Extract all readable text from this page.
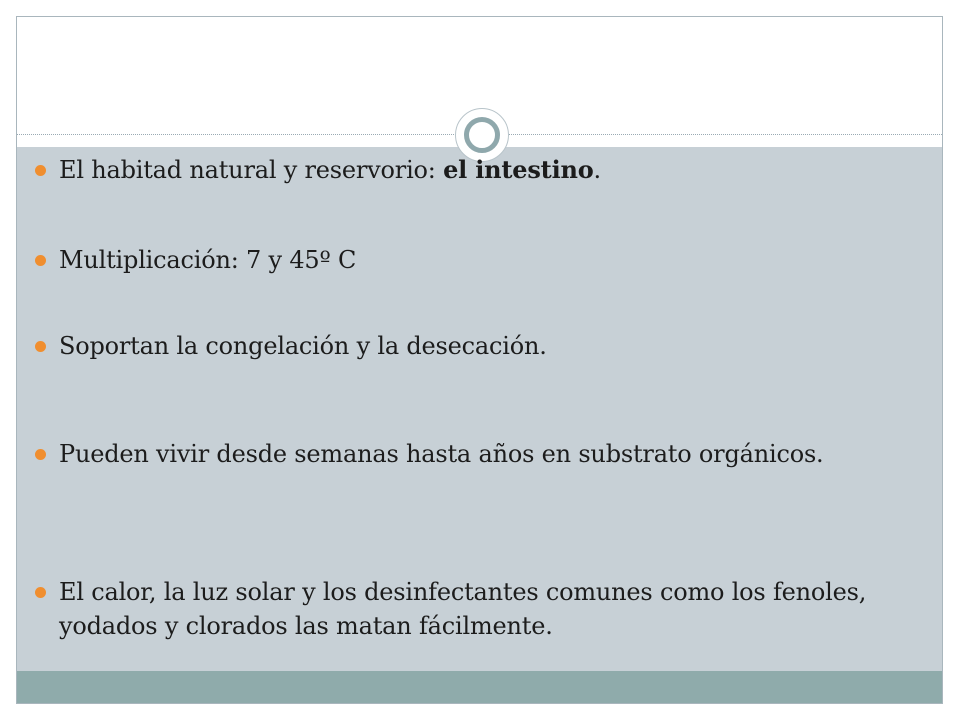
El habitad natural y reservorio: el intestino.
Multiplicación: 7 y 45º C
Soportan la congelación y la desecación.
Pueden vivir desde semanas hasta años en substrato orgánicos.
El calor, la luz solar y los desinfectantes comunes como los fenoles, yodados y clorados las matan fácilmente.
